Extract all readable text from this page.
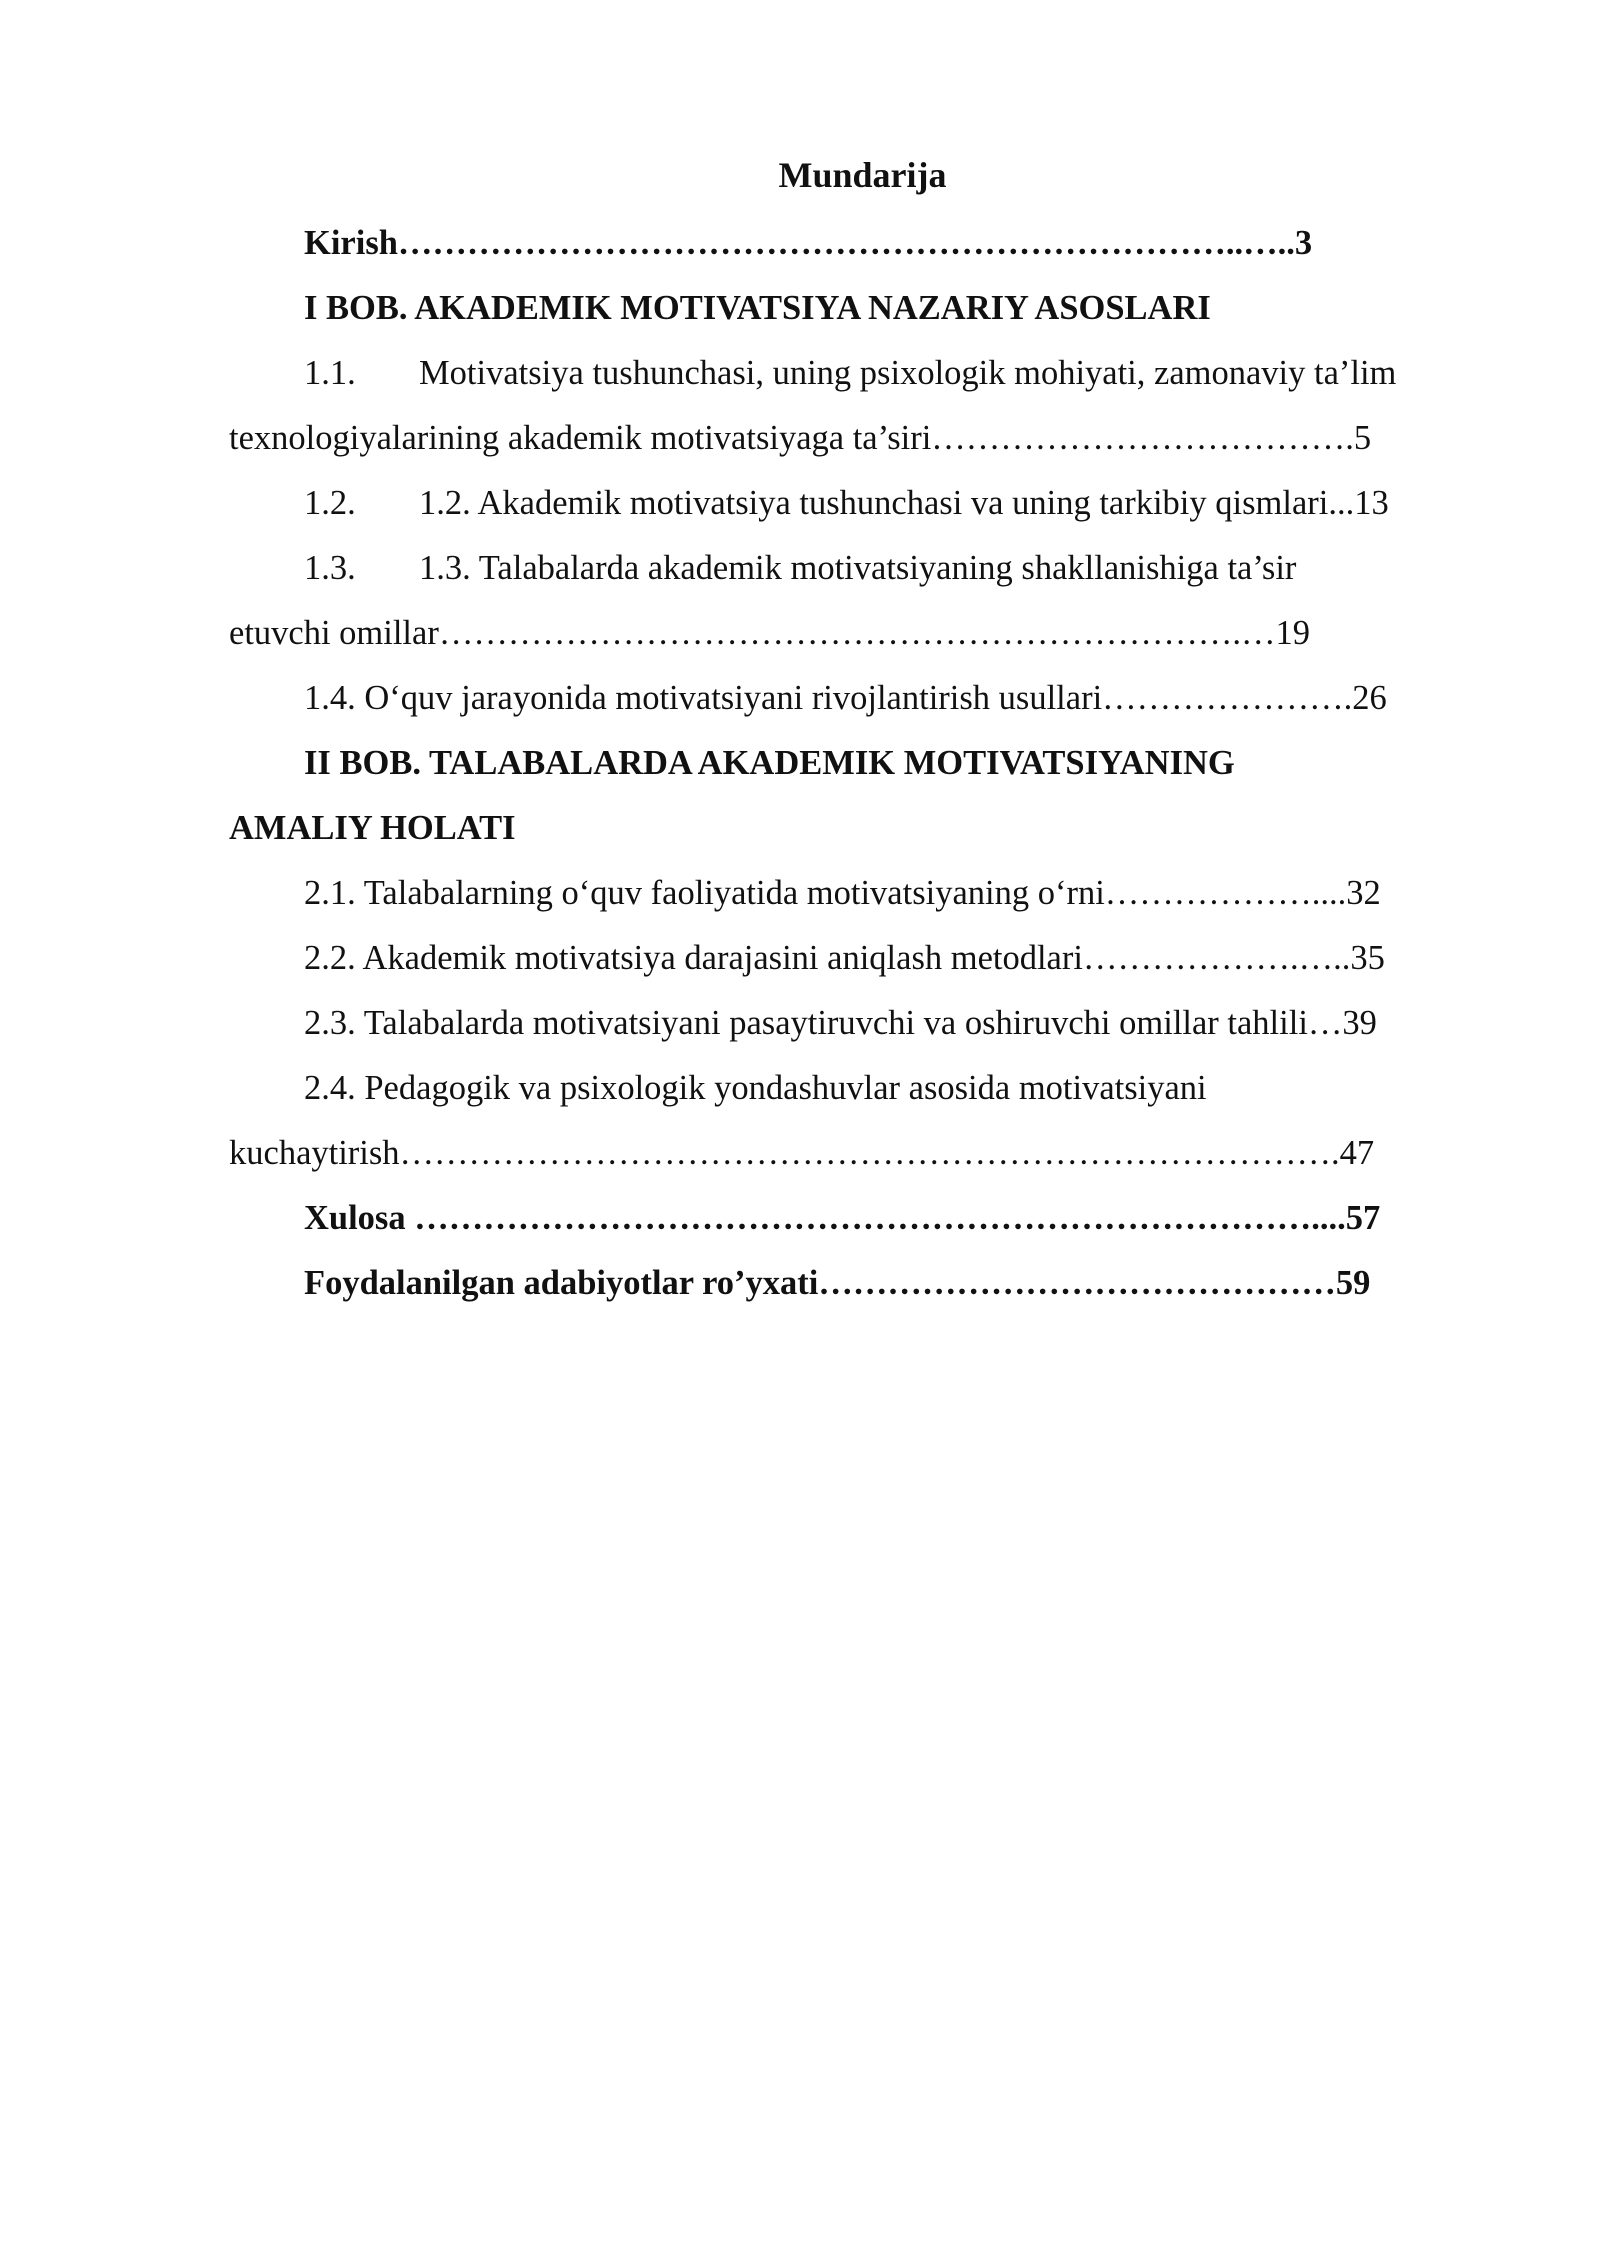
Mundarija
Kirish………………………………………………………………..…..3
I BOB. AKADEMIK MOTIVATSIYA NAZARIY ASOSLARI
1.1. Motivatsiya tushunchasi, uning psixologik mohiyati, zamonaviy ta’lim
texnologiyalarining akademik motivatsiyaga ta’siri……………………………….5
1.2. 1.2. Akademik motivatsiya tushunchasi va uning tarkibiy qismlari...13
1.3. 1.3. Talabalarda akademik motivatsiyaning shakllanishiga ta’sir
etuvchi omillar…………………………………………………………….…19
1.4. O‘quv jarayonida motivatsiyani rivojlantirish usullari………………….26
II BOB. TALABALARDA AKADEMIK MOTIVATSIYANING
AMALIY HOLATI
2.1. Talabalarning o‘quv faoliyatida motivatsiyaning o‘rni………………....32
2.2. Akademik motivatsiya darajasini aniqlash metodlari……………….…..35
2.3. Talabalarda motivatsiyani pasaytiruvchi va oshiruvchi omillar tahlili…39
2.4. Pedagogik va psixologik yondashuvlar asosida motivatsiyani
kuchaytirish……………………………………………………………………….47
Xulosa ……………………………………………………………………....57
Foydalanilgan adabiyotlar ro’yxati………………………………………59
